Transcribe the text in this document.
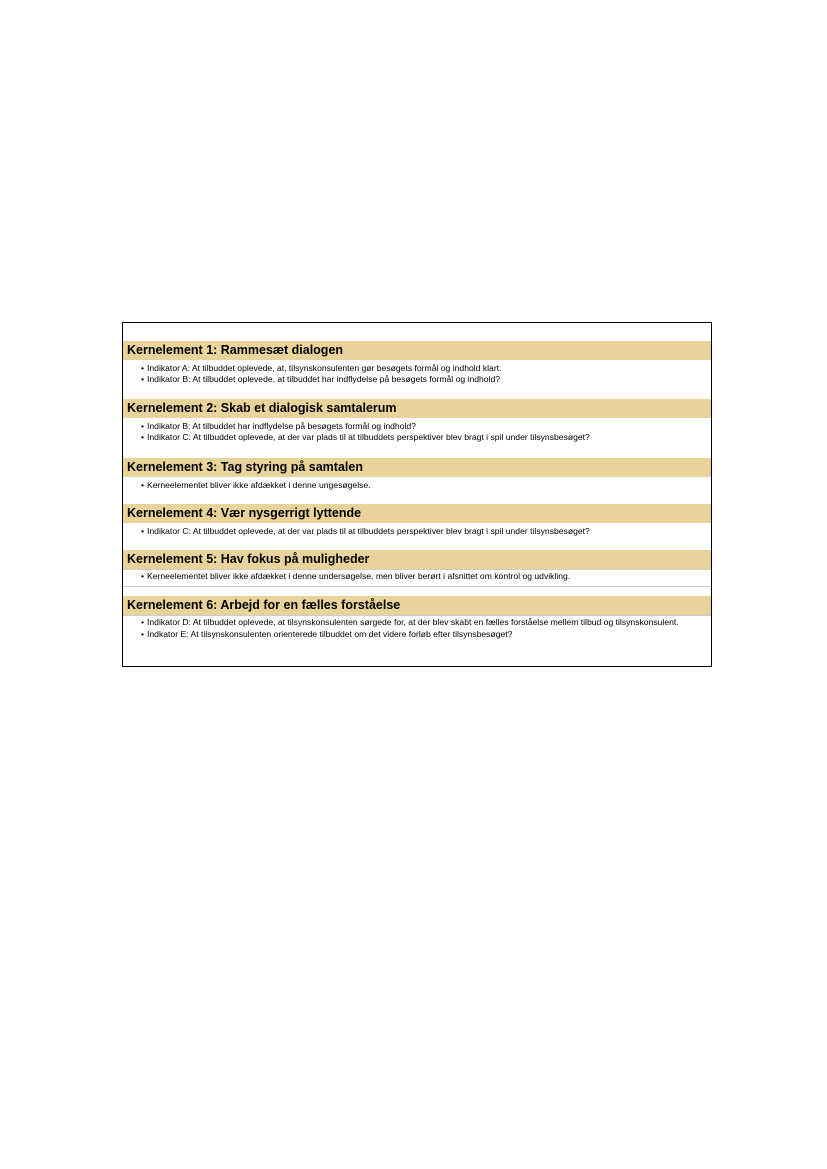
Kernelement 1: Rammesæt dialogen
• Indikator A: At tilbuddet oplevede, at, tilsynskonsulenten gør besøgets formål og indhold klart.
• Indikator B: At tilbuddet oplevede, at tilbuddet har indflydelse på besøgets formål og indhold?
Kernelement 2: Skab et dialogisk samtalerum
• Indikator B: At tilbuddet har indflydelse på besøgets formål og indhold?
• Indikator C: At tilbuddet oplevede, at der var plads til at tilbuddets perspektiver blev bragt i spil under tilsynsbesøget?
Kernelement 3: Tag styring på samtalen
• Kerneelementet bliver ikke afdækket i denne ungesøgelse.
Kernelement 4: Vær nysgerrigt lyttende
• Indikator C: At tilbuddet oplevede, at der var plads til at tilbuddets perspektiver blev bragt i spil under tilsynsbesøget?
Kernelement 5: Hav fokus på muligheder
• Kerneelementet bliver ikke afdækket i denne undersøgelse, men bliver berørt i afsnittet om kontrol og udvikling.
Kernelement 6: Arbejd for en fælles forståelse
• Indikator D: At tilbuddet oplevede, at tilsynskonsulenten sørgede for, at der blev skabt en fælles forståelse mellem tilbud og tilsynskonsulent.
• Indkator E: At tilsynskonsulenten orienterede tilbuddet om det videre forløb efter tilsynsbesøget?
